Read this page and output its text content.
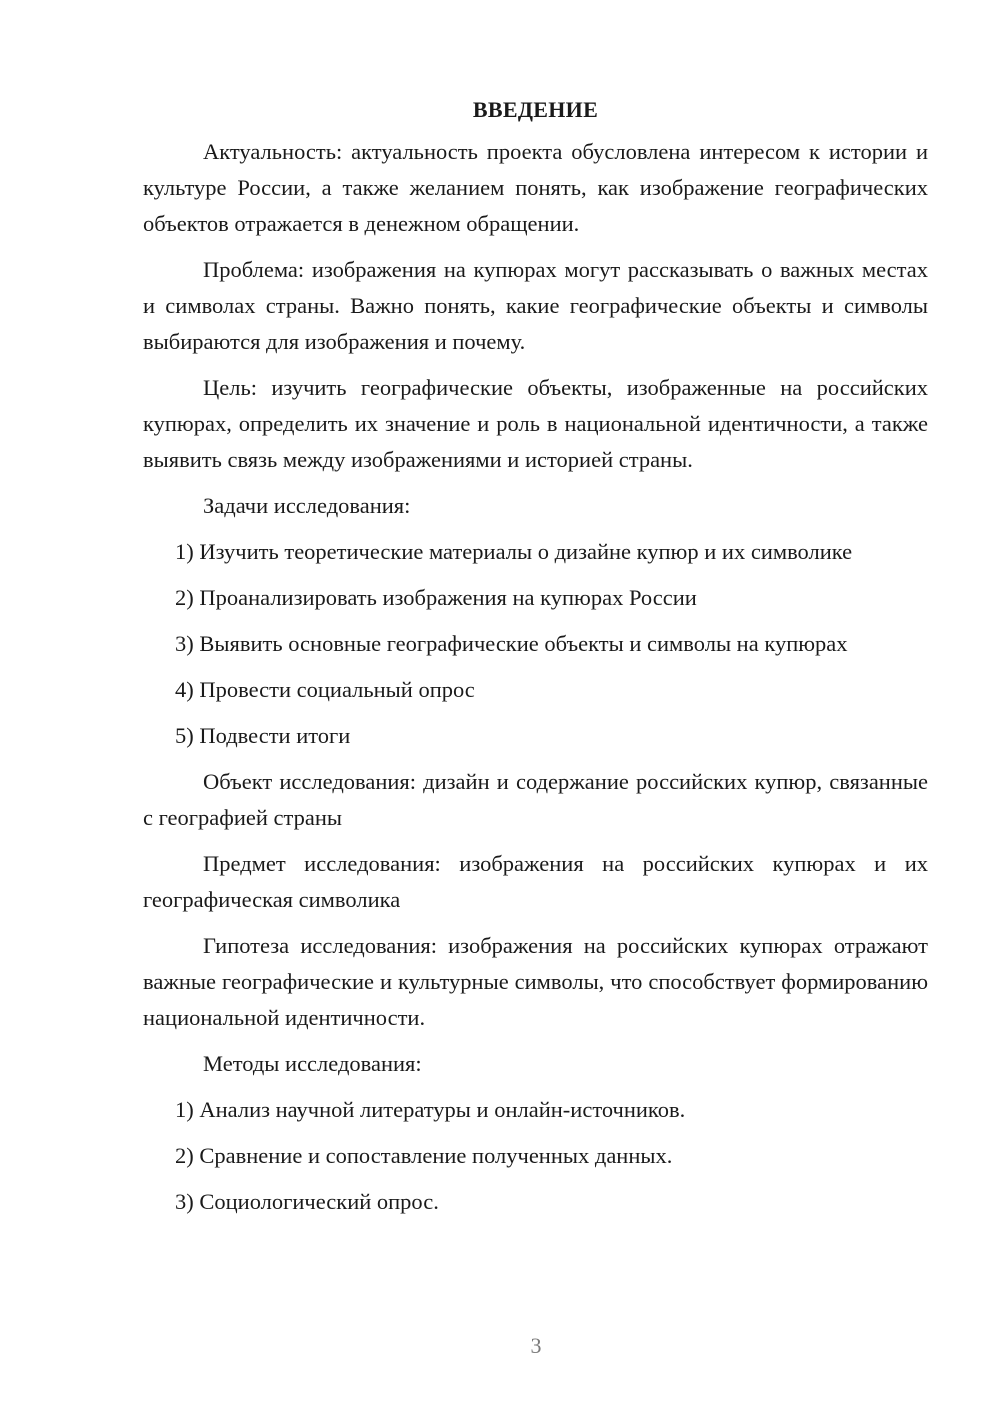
ВВЕДЕНИЕ

Актуальность: актуальность проекта обусловлена интересом к истории и культуре России, а также желанием понять, как изображение географических объектов отражается в денежном обращении.

Проблема: изображения на купюрах могут рассказывать о важных местах и символах страны. Важно понять, какие географические объекты и символы выбираются для изображения и почему.

Цель: изучить географические объекты, изображенные на российских купюрах, определить их значение и роль в национальной идентичности, а также выявить связь между изображениями и историей страны.

Задачи исследования:

1) Изучить теоретические материалы о дизайне купюр и их символике
2) Проанализировать изображения на купюрах России
3) Выявить основные географические объекты и символы на купюрах
4) Провести социальный опрос
5) Подвести итоги

Объект исследования: дизайн и содержание российских купюр, связанные с географией страны

Предмет исследования: изображения на российских купюрах и их географическая символика

Гипотеза исследования: изображения на российских купюрах отражают важные географические и культурные символы, что способствует формированию национальной идентичности.

Методы исследования:

1) Анализ научной литературы и онлайн-источников.
2) Сравнение и сопоставление полученных данных.
3) Социологический опрос.
3
